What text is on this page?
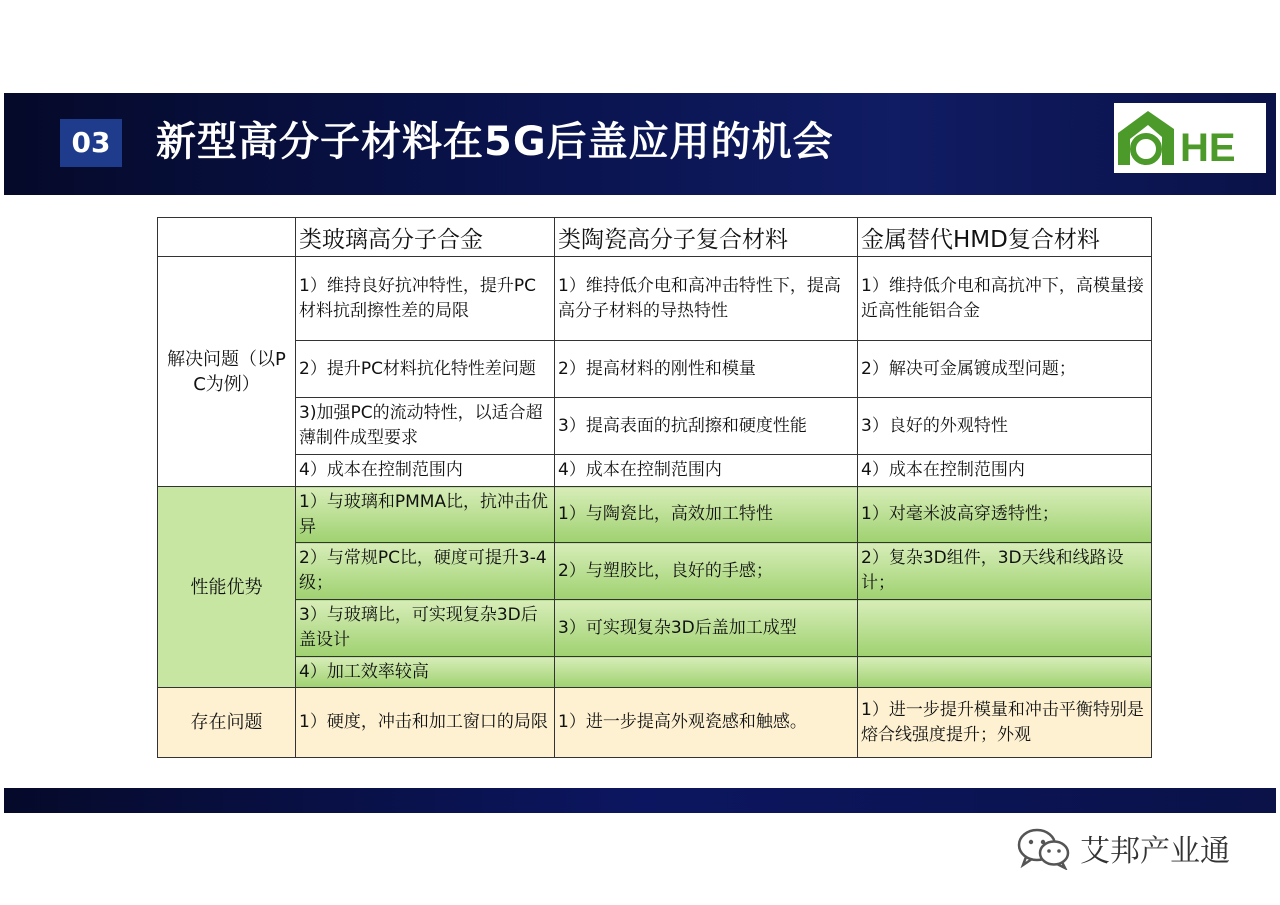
03 新型高分子材料在5G后盖应用的机会	HE
	类玻璃高分子合金	类陶瓷高分子复合材料	金属替代HMD复合材料
解决问题（以PC为例）	1）维持良好抗冲特性，提升PC材料抗刮擦性差的局限	1）维持低介电和高冲击特性下，提高高分子材料的导热特性	1）维持低介电和高抗冲下，高模量接近高性能铝合金
	2）提升PC材料抗化特性差问题	2）提高材料的刚性和模量	2）解决可金属镀成型问题；
	3)加强PC的流动特性，以适合超薄制件成型要求	3）提高表面的抗刮擦和硬度性能	3）良好的外观特性
	4）成本在控制范围内	4）成本在控制范围内	4）成本在控制范围内
性能优势	1）与玻璃和PMMA比，抗冲击优异	1）与陶瓷比，高效加工特性	1）对毫米波高穿透特性；
	2）与常规PC比，硬度可提升3-4级；	2）与塑胶比，良好的手感；	2）复杂3D组件，3D天线和线路设计；
	3）与玻璃比，可实现复杂3D后盖设计	3）可实现复杂3D后盖加工成型	
	4）加工效率较高		
存在问题	1）硬度，冲击和加工窗口的局限	1）进一步提高外观瓷感和触感。	1）进一步提升模量和冲击平衡特别是熔合线强度提升；外观
艾邦产业通
